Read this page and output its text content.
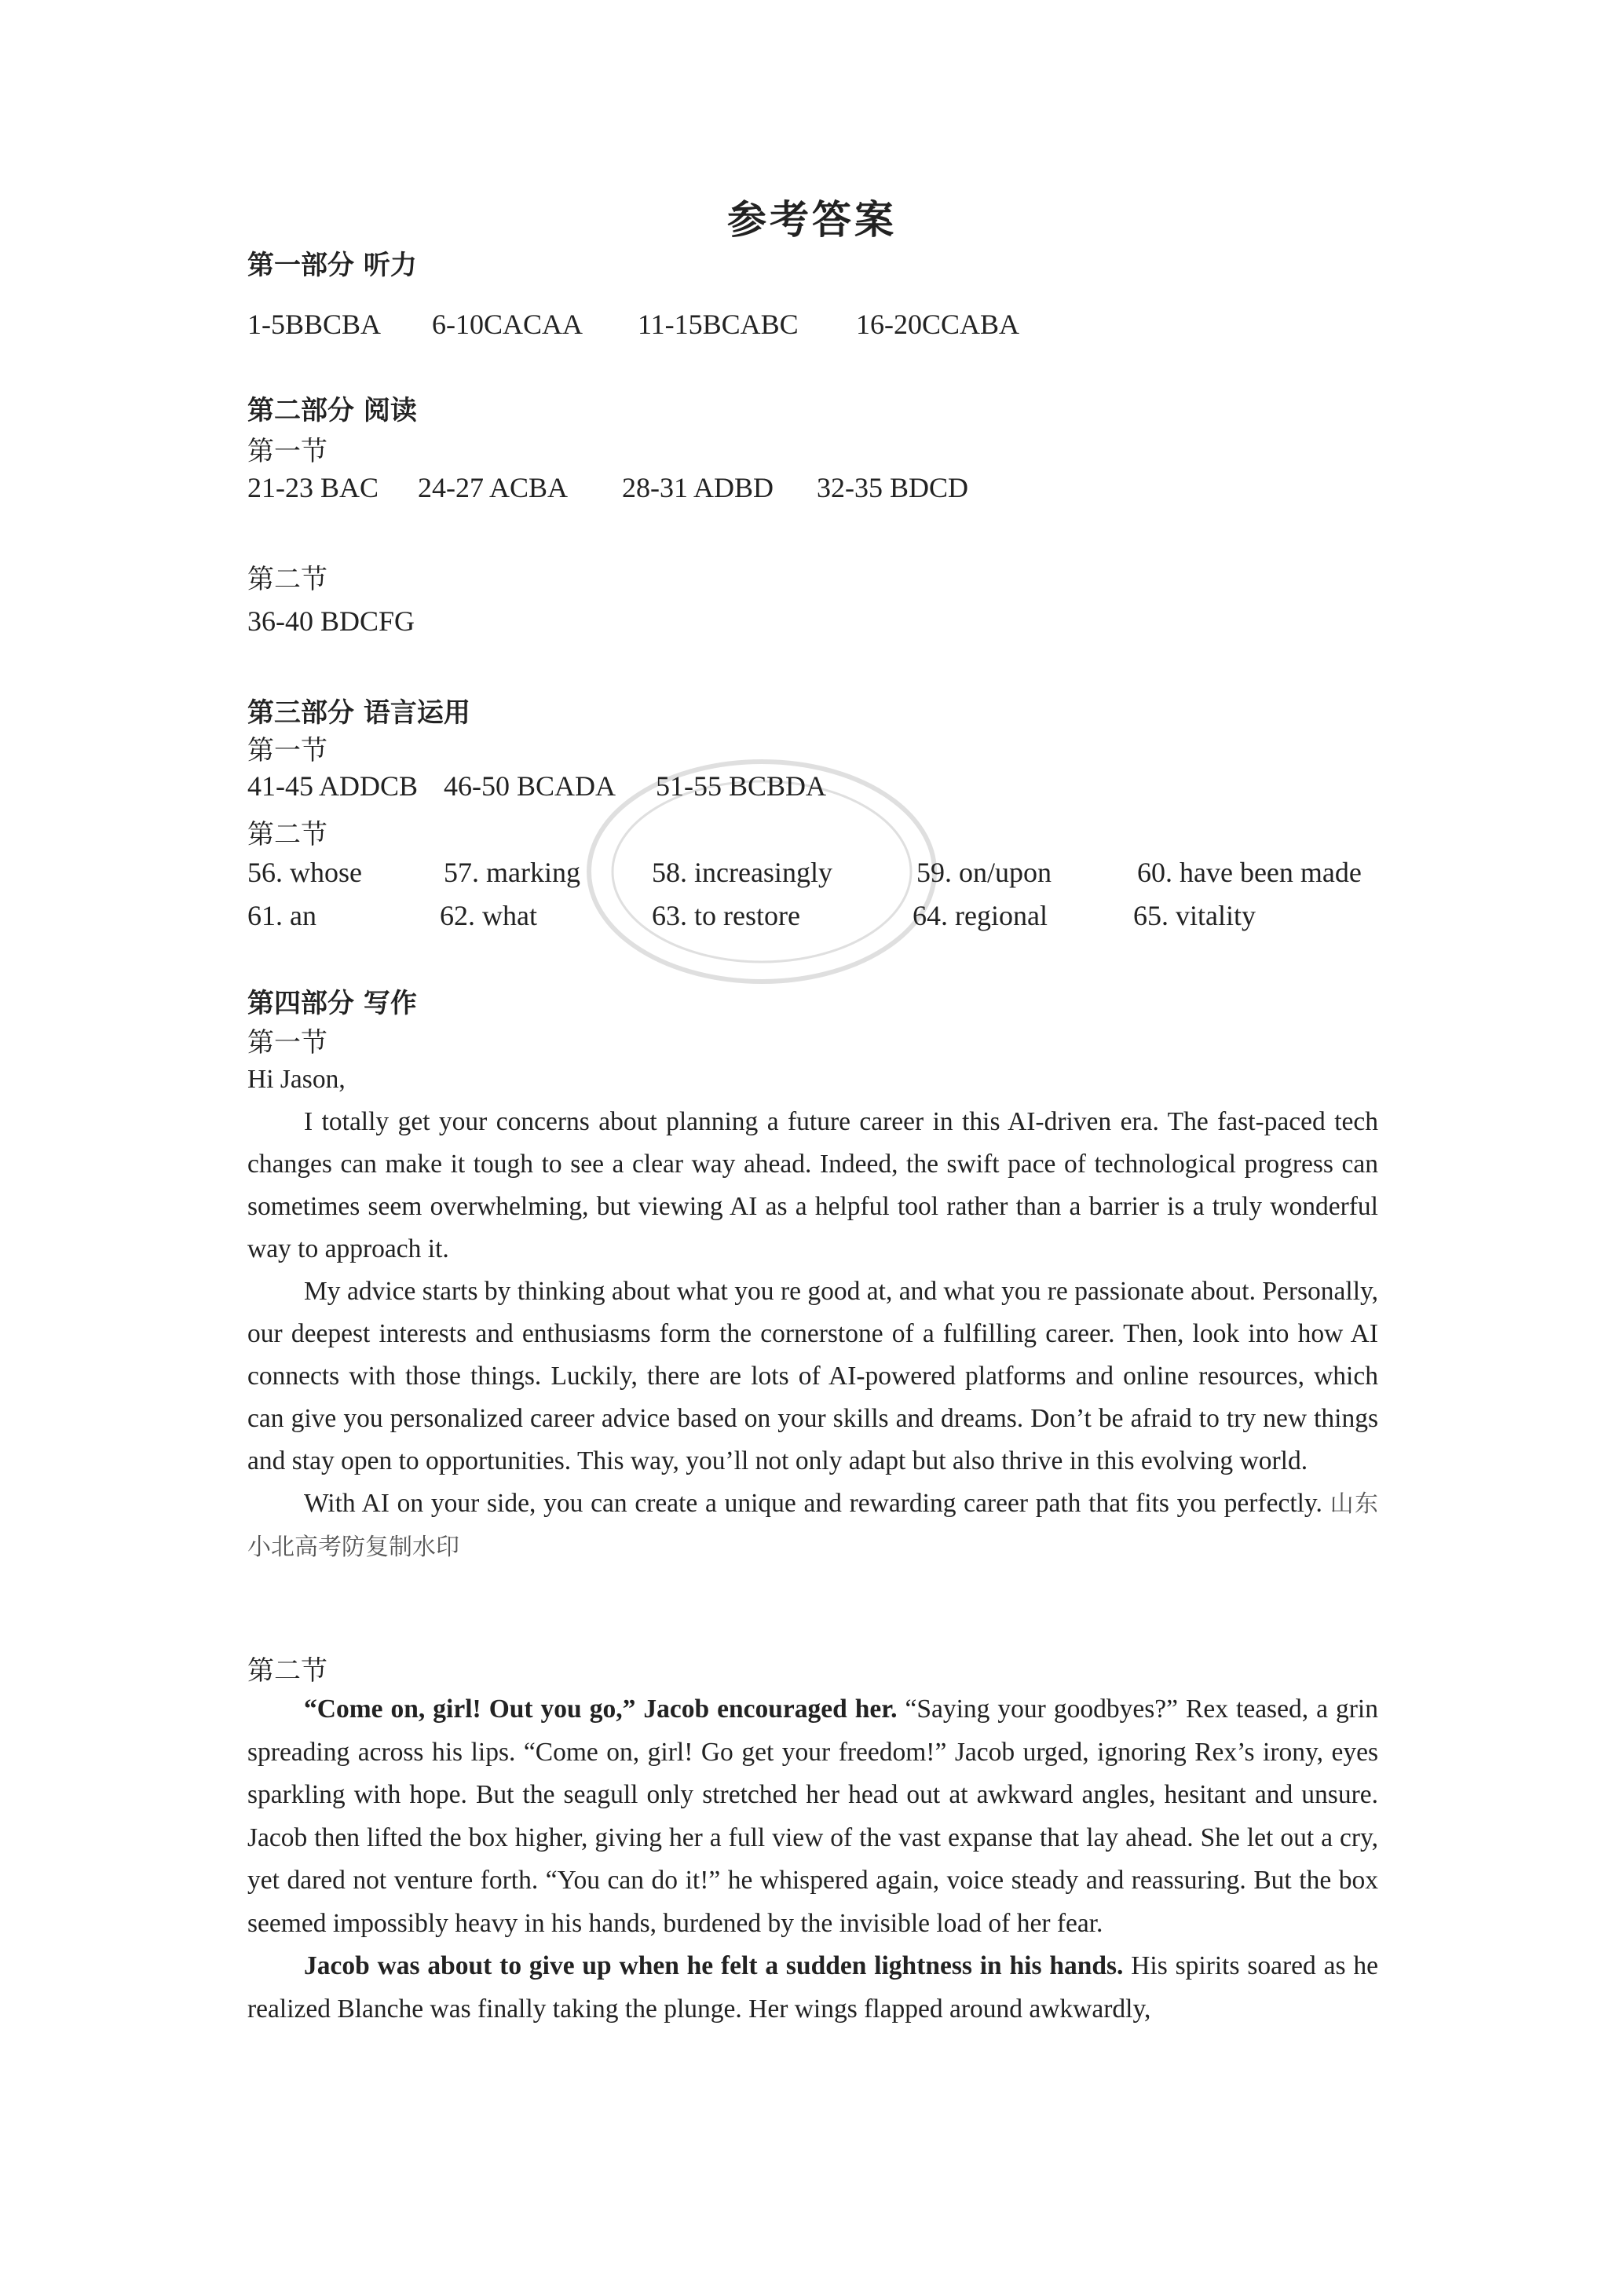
参考答案
第一部分 听力
1-5BBCBA 6-10CACAA 11-15BCABC 16-20CCABA
第二部分 阅读
第一节
21-23 BAC 24-27 ACBA 28-31 ADBD 32-35 BDCD
第二节
36-40 BDCFG
第三部分 语言运用
第一节
41-45 ADDCB 46-50 BCADA 51-55 BCBDA
第二节
56. whose	57. marking	58. increasingly	59. on/upon	60. have been made
61. an	62. what	63. to restore	64. regional	65. vitality
第四部分 写作
第一节

Hi Jason,

I totally get your concerns about planning a future career in this AI-driven era. The fast-paced tech changes can make it tough to see a clear way ahead. Indeed, the swift pace of technological progress can sometimes seem overwhelming, but viewing AI as a helpful tool rather than a barrier is a truly wonderful way to approach it.

My advice starts by thinking about what you re good at, and what you re passionate about. Personally, our deepest interests and enthusiasms form the cornerstone of a fulfilling career. Then, look into how AI connects with those things. Luckily, there are lots of AI-powered platforms and online resources, which can give you personalized career advice based on your skills and dreams. Don’t be afraid to try new things and stay open to opportunities. This way, you’ll not only adapt but also thrive in this evolving world.

With AI on your side, you can create a unique and rewarding career path that fits you perfectly. 山东小北高考防复制水印

第二节

“Come on, girl! Out you go,” Jacob encouraged her. “Saying your goodbyes?” Rex teased, a grin spreading across his lips. “Come on, girl! Go get your freedom!” Jacob urged, ignoring Rex’s irony, eyes sparkling with hope. But the seagull only stretched her head out at awkward angles, hesitant and unsure. Jacob then lifted the box higher, giving her a full view of the vast expanse that lay ahead. She let out a cry, yet dared not venture forth. “You can do it!” he whispered again, voice steady and reassuring. But the box seemed impossibly heavy in his hands, burdened by the invisible load of her fear.

Jacob was about to give up when he felt a sudden lightness in his hands. His spirits soared as he realized Blanche was finally taking the plunge. Her wings flapped around awkwardly,
